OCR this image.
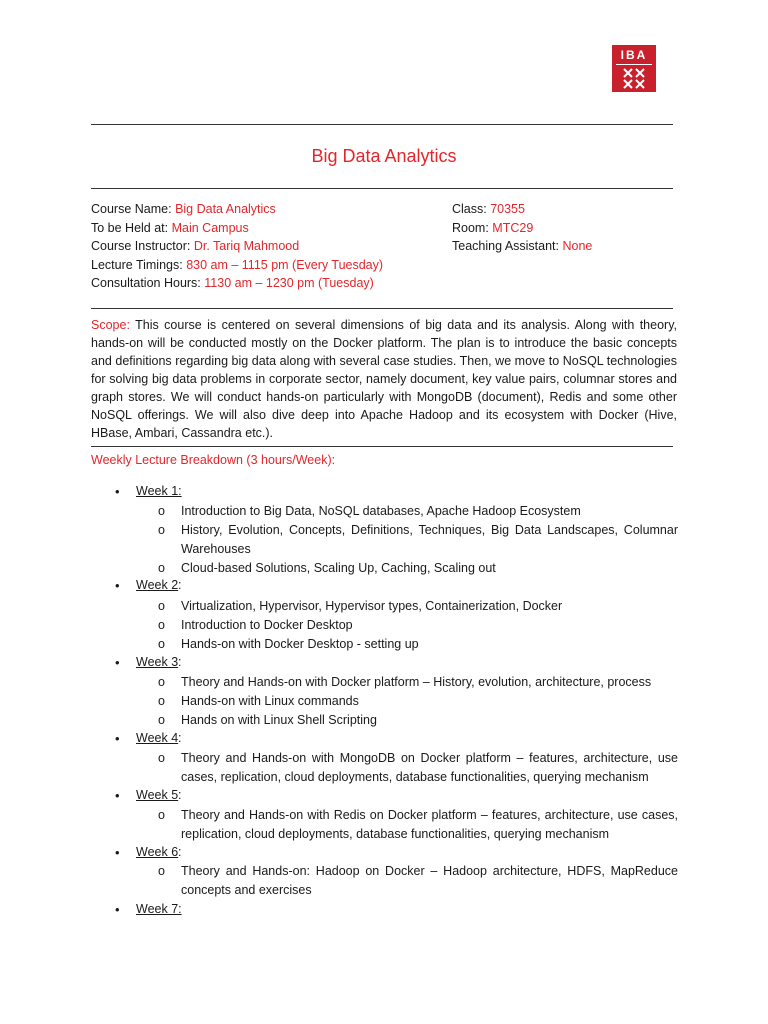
IBA
Big Data Analytics
Course Name: Big Data Analytics
To be Held at: Main Campus
Course Instructor: Dr. Tariq Mahmood
Lecture Timings: 830 am – 1115 pm (Every Tuesday)
Consultation Hours: 1130 am – 1230 pm (Tuesday)
Class: 70355
Room: MTC29
Teaching Assistant: None
Scope: This course is centered on several dimensions of big data and its analysis. Along with theory, hands-on will be conducted mostly on the Docker platform. The plan is to introduce the basic concepts and definitions regarding big data along with several case studies. Then, we move to NoSQL technologies for solving big data problems in corporate sector, namely document, key value pairs, columnar stores and graph stores. We will conduct hands-on particularly with MongoDB (document), Redis and some other NoSQL offerings. We will also dive deep into Apache Hadoop and its ecosystem with Docker (Hive, HBase, Ambari, Cassandra etc.).
Weekly Lecture Breakdown (3 hours/Week):
• Week 1:
o Introduction to Big Data, NoSQL databases, Apache Hadoop Ecosystem
o History, Evolution, Concepts, Definitions, Techniques, Big Data Landscapes, Columnar Warehouses
o Cloud-based Solutions, Scaling Up, Caching, Scaling out
• Week 2 :
o Virtualization, Hypervisor, Hypervisor types, Containerization, Docker
o Introduction to Docker Desktop
o Hands-on with Docker Desktop - setting up
• Week 3 :
o Theory and Hands-on with Docker platform – History, evolution, architecture, process
o Hands-on with Linux commands
o Hands on with Linux Shell Scripting
• Week 4 :
o Theory and Hands-on with MongoDB on Docker platform – features, architecture, use cases, replication, cloud deployments, database functionalities, querying mechanism
• Week 5 :
o Theory and Hands-on with Redis on Docker platform – features, architecture, use cases, replication, cloud deployments, database functionalities, querying mechanism
• Week 6 :
o Theory and Hands-on: Hadoop on Docker – Hadoop architecture, HDFS, MapReduce concepts and exercises
• Week 7:
